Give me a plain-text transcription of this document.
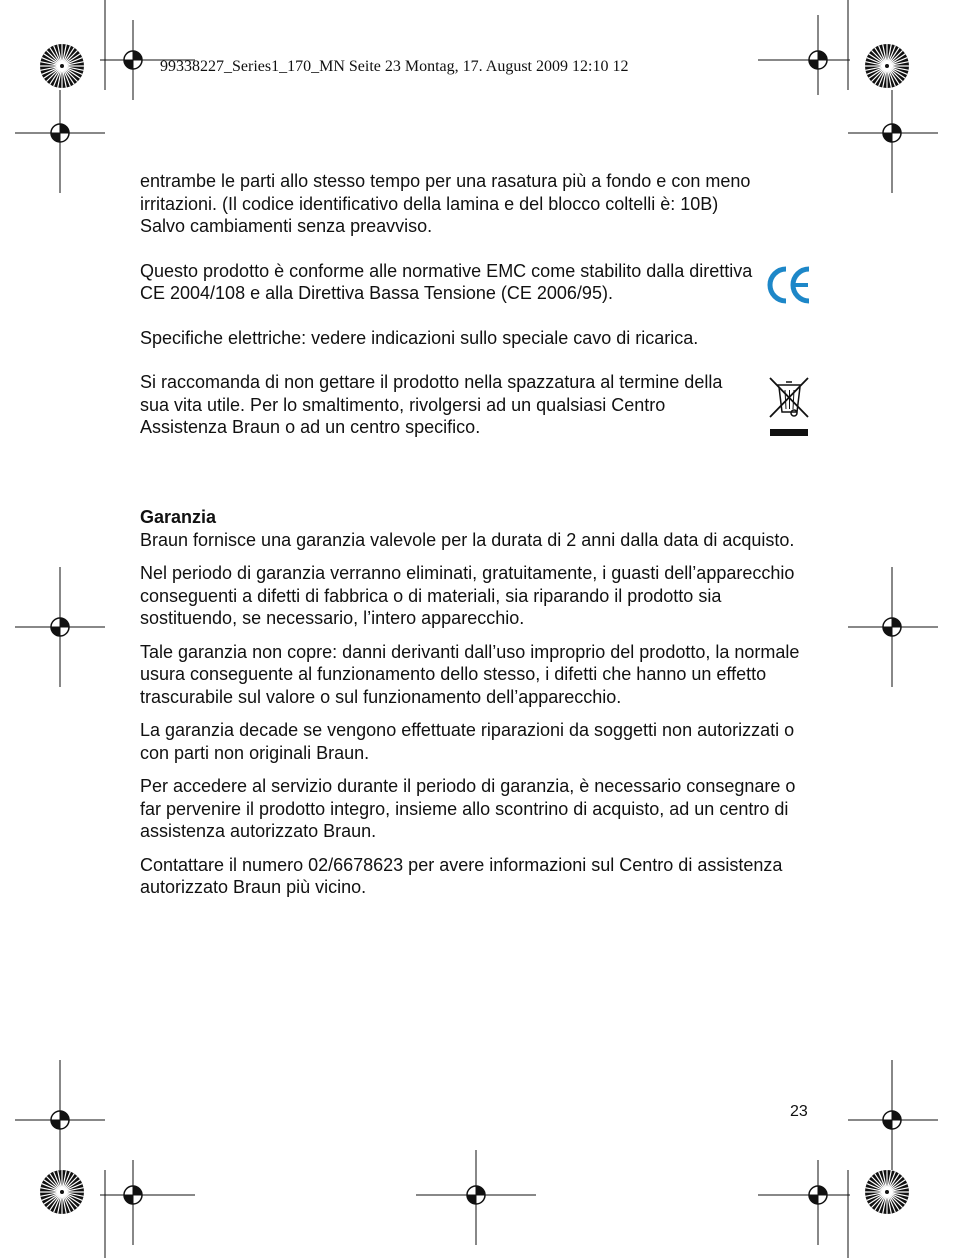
99338227_Series1_170_MN Seite 23 Montag, 17. August 2009 12:10 12

entrambe le parti allo stesso tempo per una rasatura più a fondo e con meno irritazioni. (Il codice identificativo della lamina e del blocco coltelli è: 10B)

Salvo cambiamenti senza preavviso.

Questo prodotto è conforme alle normative EMC come stabilito dalla direttiva CE 2004/108 e alla Direttiva Bassa Tensione (CE 2006/95).

Specifiche elettriche: vedere indicazioni sullo speciale cavo di ricarica.

Si raccomanda di non gettare il prodotto nella spazzatura al termine della sua vita utile. Per lo smaltimento, rivolgersi ad un qualsiasi Centro Assistenza Braun o ad un centro specifico.

Garanzia

Braun fornisce una garanzia valevole per la durata di 2 anni dalla data di acquisto.

Nel periodo di garanzia verranno eliminati, gratuitamente, i guasti dell’apparecchio conseguenti a difetti di fabbrica o di materiali, sia riparando il prodotto sia sostituendo, se necessario, l’intero apparecchio.

Tale garanzia non copre: danni derivanti dall’uso improprio del prodotto, la normale usura conseguente al funzionamento dello stesso, i difetti che hanno un effetto trascurabile sul valore o sul funzionamento dell’apparecchio.

La garanzia decade se vengono effettuate riparazioni da soggetti non autorizzati o con parti non originali Braun.

Per accedere al servizio durante il periodo di garanzia, è necessario consegnare o far pervenire il prodotto integro, insieme allo scontrino di acquisto, ad un centro di assistenza autorizzato Braun.

Contattare il numero 02/6678623 per avere informazioni sul Centro di assistenza autorizzato Braun più vicino.

23
